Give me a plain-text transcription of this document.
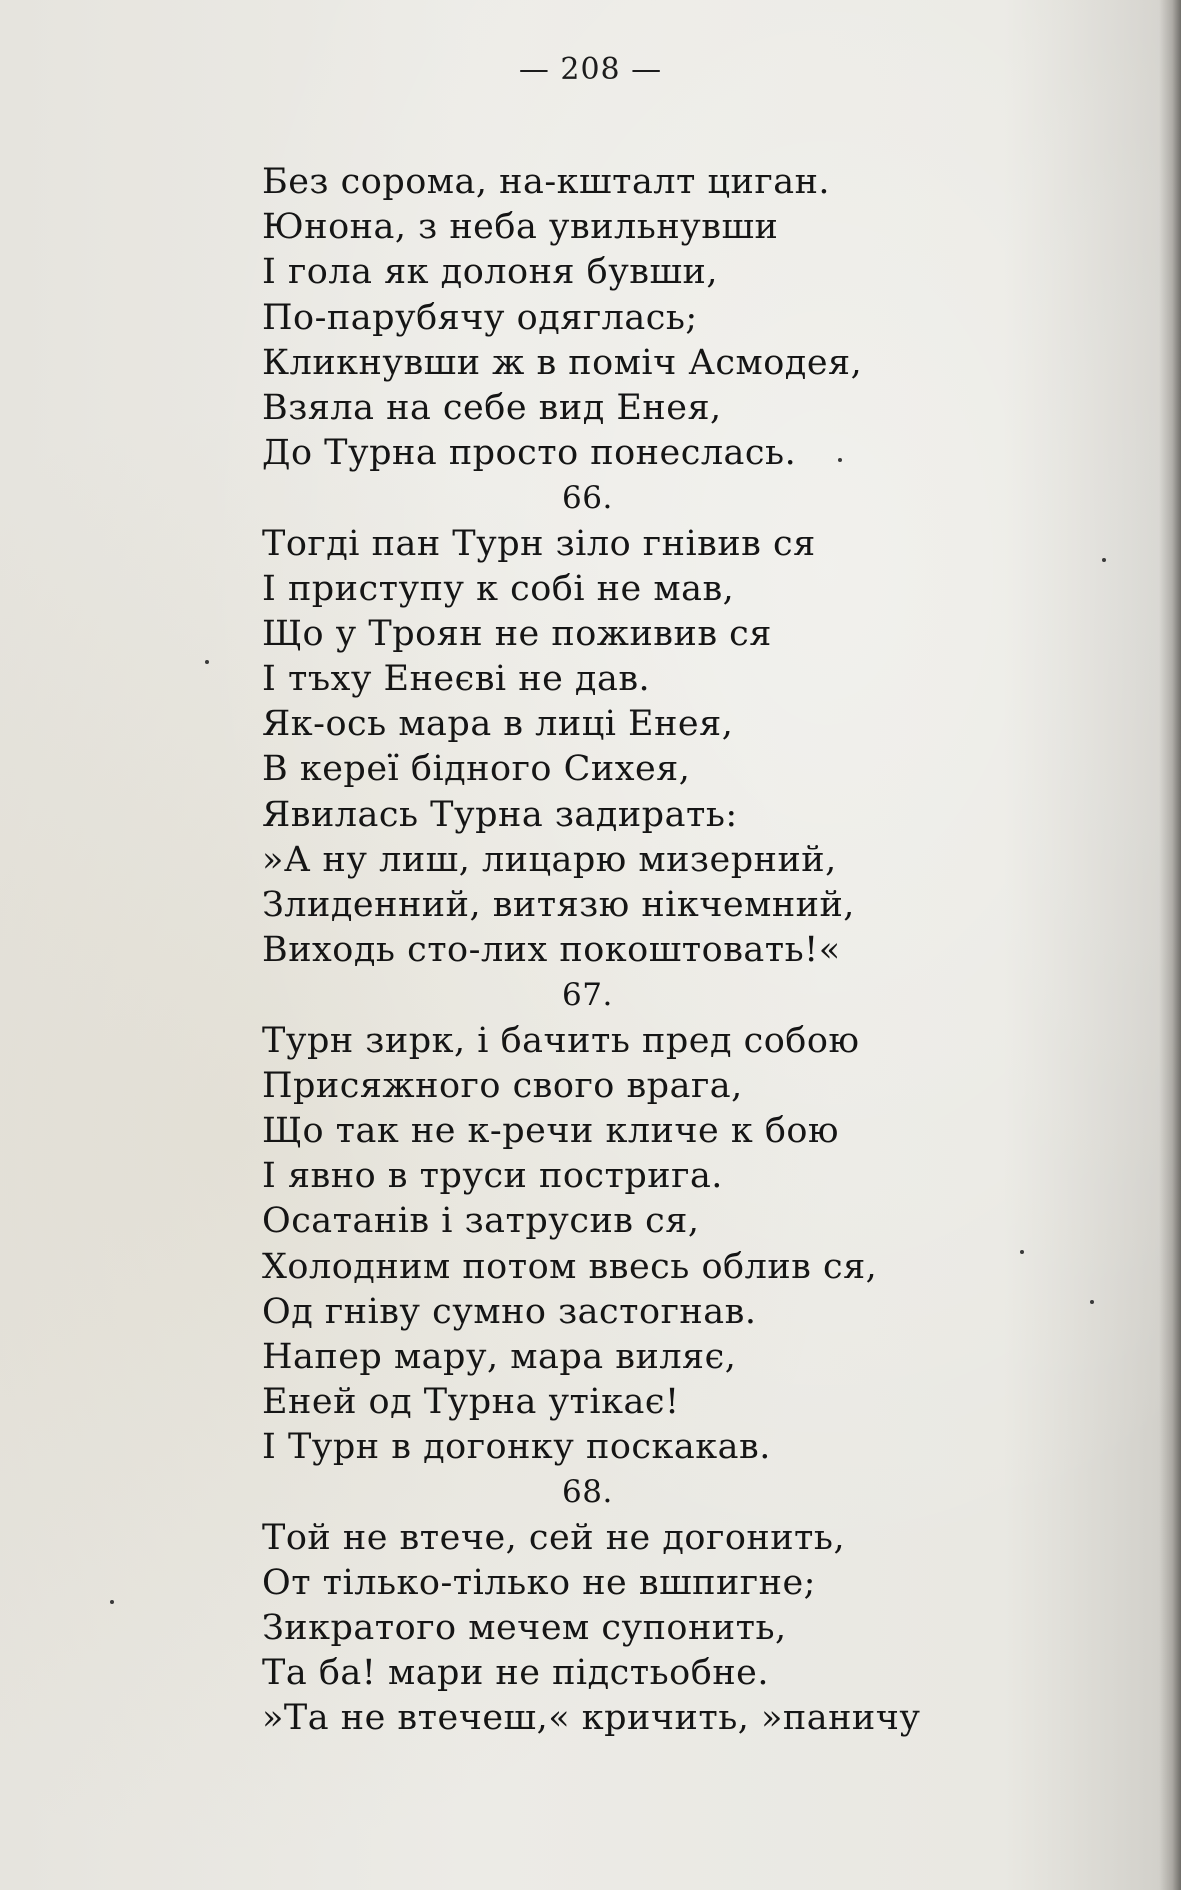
— 208 —
Без сорома, на-кшталт циган.
Юнона, з неба увильнувши
І гола як долоня бувши,
По-парубячу одяглась;
Кликнувши ж в поміч Асмодея,
Взяла на себе вид Енея,
До Турна просто понеслась.
66.
Тогді пан Турн зіло гнівив ся
І приступу к собі не мав,
Що у Троян не поживив ся
І тъху Енеєві не дав.
Як-ось мара в лиці Енея,
В кереї бідного Сихея,
Явилась Турна задирать:
»А ну лиш, лицарю мизерний,
Злиденний, витязю нікчемний,
Виходь сто-лих покоштовать!«
67.
Турн зирк, і бачить пред собою
Присяжного свого врага,
Що так не к-речи кличе к бою
І явно в труси постригa.
Осатанів і затрусив ся,
Холодним потом ввесь облив ся,
Од гніву сумно застогнав.
Напер мару, мара виляє,
Еней од Турна утікає!
І Турн в догонку поскакав.
68.
Той не втече, сей не догонить,
От тілько-тілько не вшпигне;
Зикратого мечем супонить,
Та ба! мари не підстьобне.
»Та не втечеш,« кричить, »паничу
